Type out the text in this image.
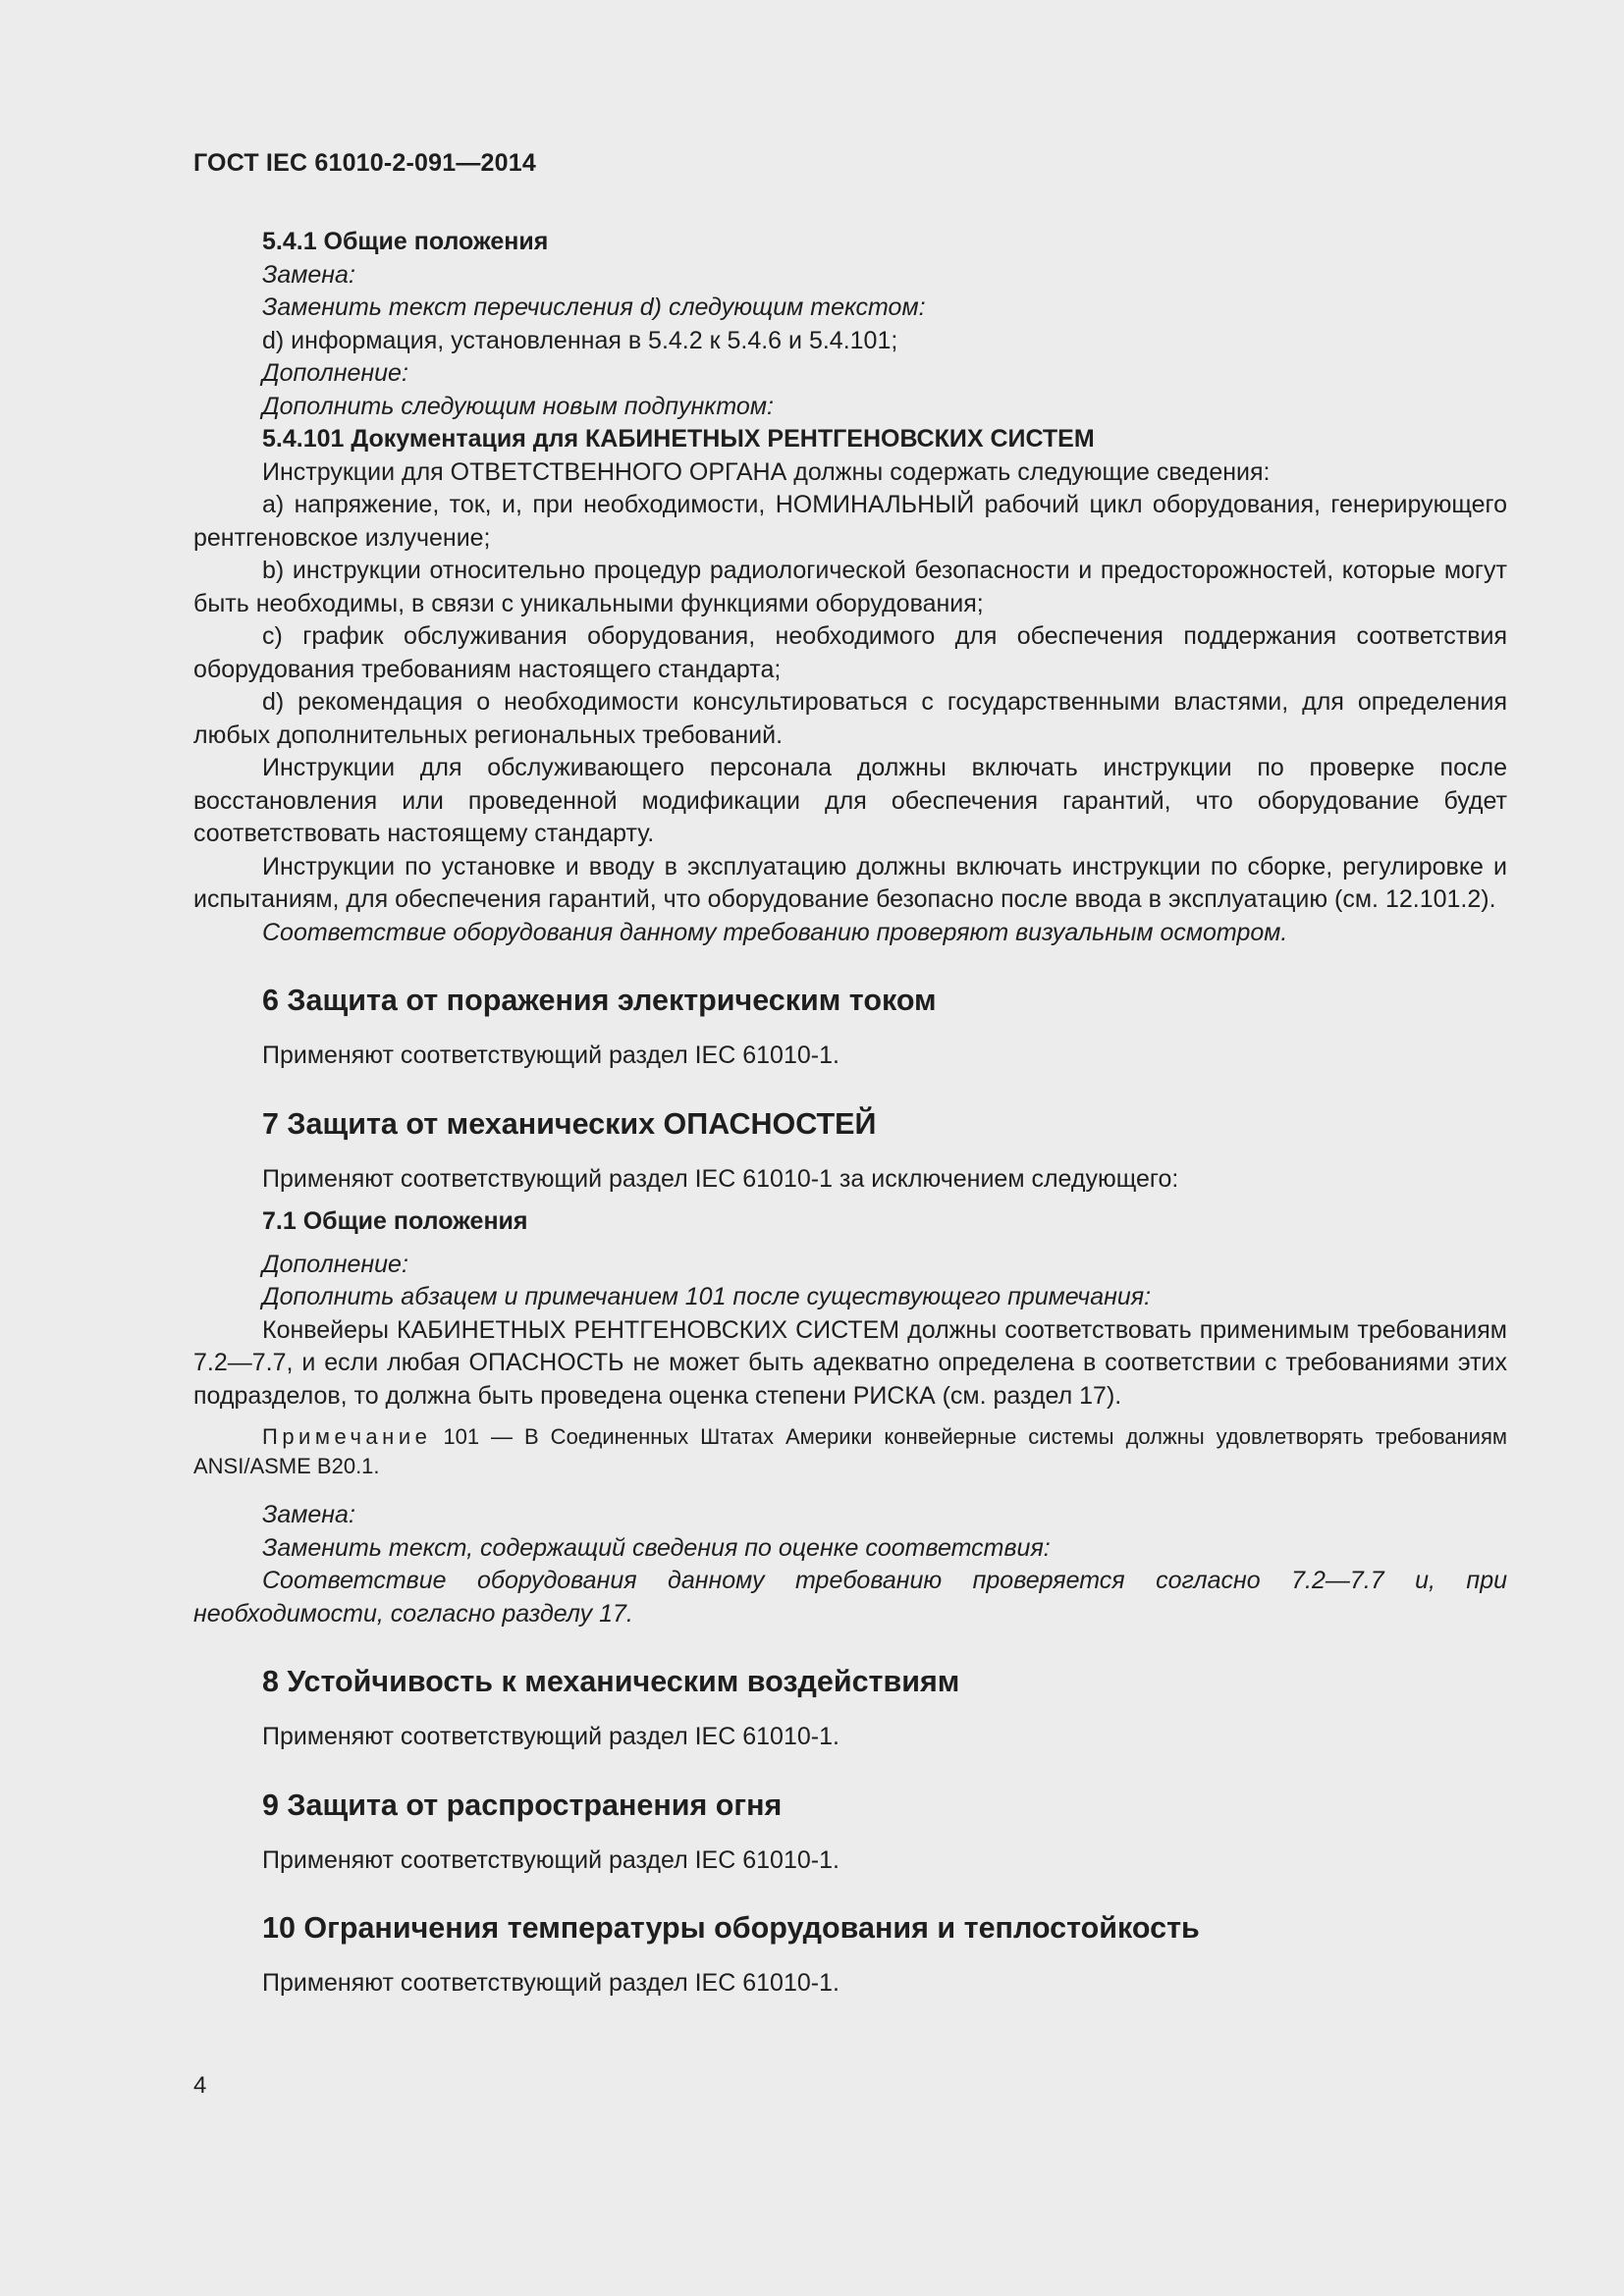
ГОСТ IEC 61010-2-091—2014

5.4.1 Общие положения

Замена:

Заменить текст перечисления d) следующим текстом:

d) информация, установленная в 5.4.2 к 5.4.6 и 5.4.101;

Дополнение:

Дополнить следующим новым подпунктом:

5.4.101 Документация для КАБИНЕТНЫХ РЕНТГЕНОВСКИХ СИСТЕМ

Инструкции для ОТВЕТСТВЕННОГО ОРГАНА должны содержать следующие сведения:

a) напряжение, ток, и, при необходимости, НОМИНАЛЬНЫЙ рабочий цикл оборудования, генерирующего рентгеновское излучение;

b) инструкции относительно процедур радиологической безопасности и предосторожностей, которые могут быть необходимы, в связи с уникальными функциями оборудования;

c) график обслуживания оборудования, необходимого для обеспечения поддержания соответствия оборудования требованиям настоящего стандарта;

d) рекомендация о необходимости консультироваться с государственными властями, для определения любых дополнительных региональных требований.

Инструкции для обслуживающего персонала должны включать инструкции по проверке после восстановления или проведенной модификации для обеспечения гарантий, что оборудование будет соответствовать настоящему стандарту.

Инструкции по установке и вводу в эксплуатацию должны включать инструкции по сборке, регулировке и испытаниям, для обеспечения гарантий, что оборудование безопасно после ввода в эксплуатацию (см. 12.101.2).

Соответствие оборудования данному требованию проверяют визуальным осмотром.

6 Защита от поражения электрическим током

Применяют соответствующий раздел IEC 61010-1.

7 Защита от механических ОПАСНОСТЕЙ

Применяют соответствующий раздел IEC 61010-1 за исключением следующего:

7.1 Общие положения

Дополнение:

Дополнить абзацем и примечанием 101 после существующего примечания:

Конвейеры КАБИНЕТНЫХ РЕНТГЕНОВСКИХ СИСТЕМ должны соответствовать применимым требованиям 7.2—7.7, и если любая ОПАСНОСТЬ не может быть адекватно определена в соответствии с требованиями этих подразделов, то должна быть проведена оценка степени РИСКА (см. раздел 17).

Примечание 101 — В Соединенных Штатах Америки конвейерные системы должны удовлетворять требованиям ANSI/ASME B20.1.

Замена:

Заменить текст, содержащий сведения по оценке соответствия:

Соответствие оборудования данному требованию проверяется согласно 7.2—7.7 и, при необходимости, согласно разделу 17.

8 Устойчивость к механическим воздействиям

Применяют соответствующий раздел IEC 61010-1.

9 Защита от распространения огня

Применяют соответствующий раздел IEC 61010-1.

10 Ограничения температуры оборудования и теплостойкость

Применяют соответствующий раздел IEC 61010-1.

4
